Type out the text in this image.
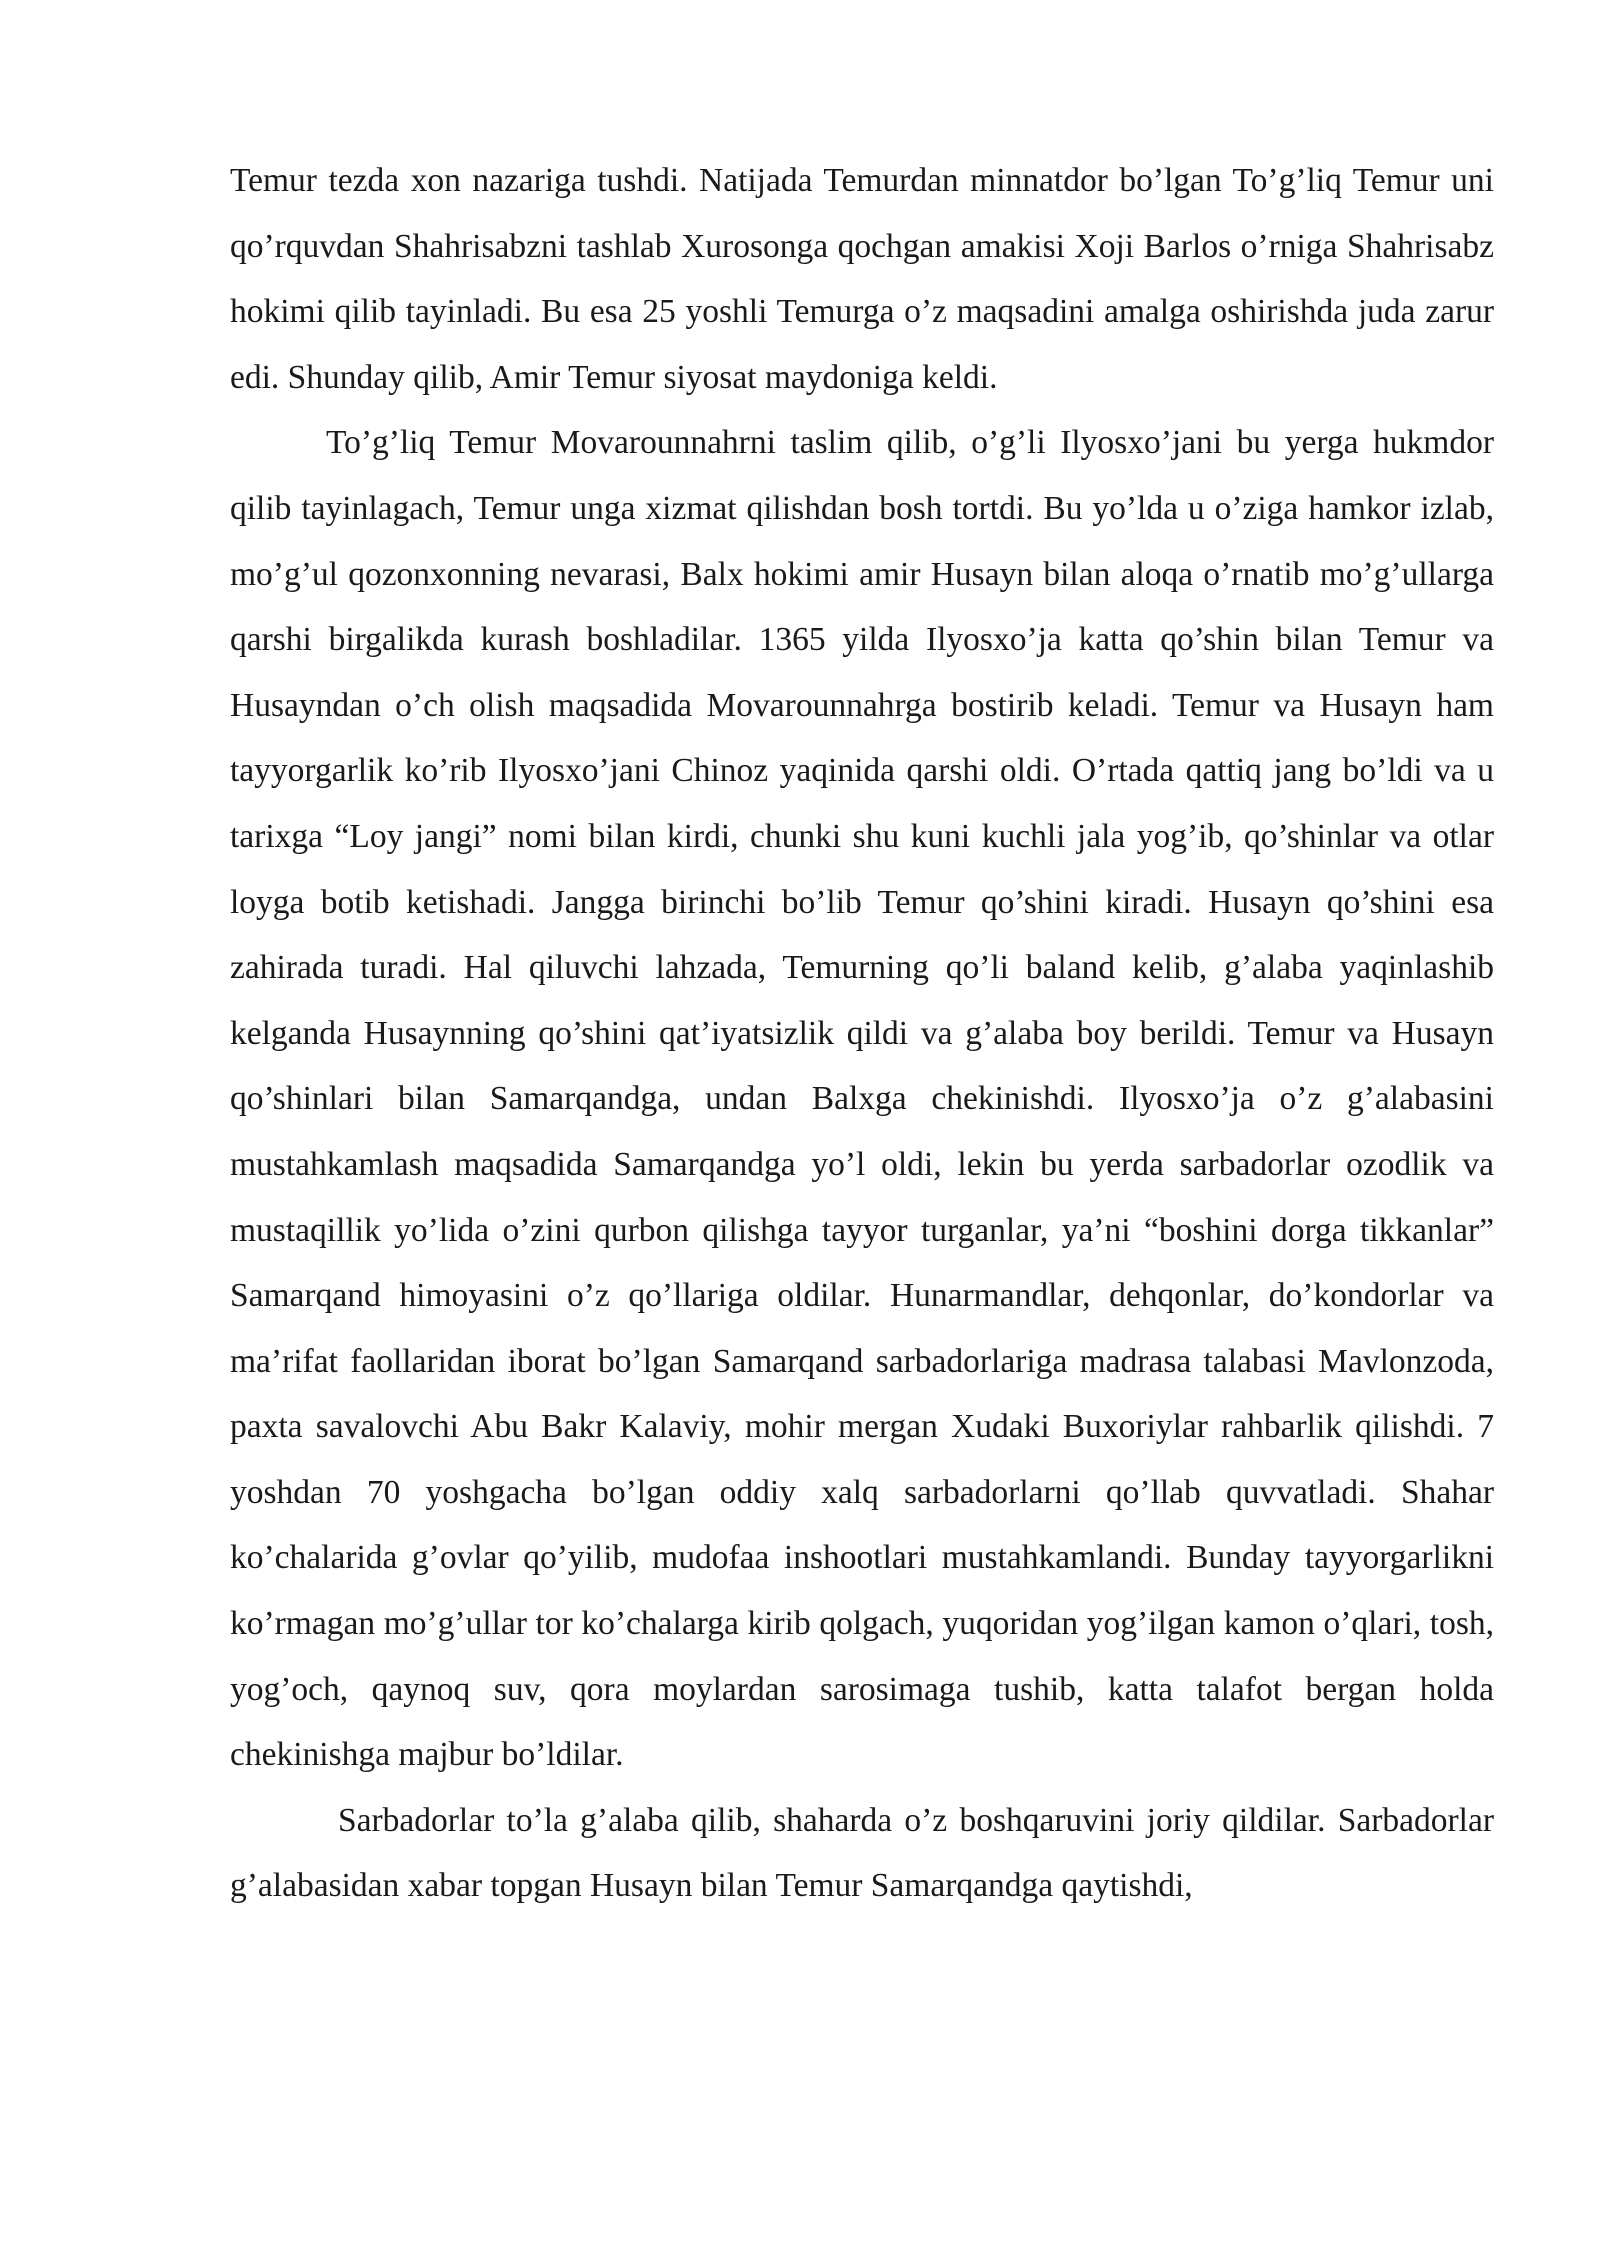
Temur tezda xon nazariga tushdi. Natijada Temurdan minnatdor bo’lgan To’g’liq Temur uni qo’rquvdan Shahrisabzni tashlab Xurosonga qochgan amakisi Xoji Barlos o’rniga Shahrisabz hokimi qilib tayinladi. Bu esa 25 yoshli Temurga o’z maqsadini amalga oshirishda juda zarur edi. Shunday qilib, Amir Temur siyosat maydoniga keldi.

To’g’liq Temur Movarounnahrni taslim qilib, o’g’li Ilyosxo’jani bu yerga hukmdor qilib tayinlagach, Temur unga xizmat qilishdan bosh tortdi. Bu yo’lda u o’ziga hamkor izlab, mo’g’ul qozonxonning nevarasi, Balx hokimi amir Husayn bilan aloqa o’rnatib mo’g’ullarga qarshi birgalikda kurash boshladilar. 1365 yilda Ilyosxo’ja katta qo’shin bilan Temur va Husayndan o’ch olish maqsadida Movarounnahrga bostirib keladi. Temur va Husayn ham tayyorgarlik ko’rib Ilyosxo’jani Chinoz yaqinida qarshi oldi. O’rtada qattiq jang bo’ldi va u tarixga “Loy jangi” nomi bilan kirdi, chunki shu kuni kuchli jala yog’ib, qo’shinlar va otlar loyga botib ketishadi. Jangga birinchi bo’lib Temur qo’shini kiradi. Husayn qo’shini esa zahirada turadi. Hal qiluvchi lahzada, Temurning qo’li baland kelib, g’alaba yaqinlashib kelganda Husaynning qo’shini qat’iyatsizlik qildi va g’alaba boy berildi. Temur va Husayn qo’shinlari bilan Samarqandga, undan Balxga chekinishdi. Ilyosxo’ja o’z g’alabasini mustahkamlash maqsadida Samarqandga yo’l oldi, lekin bu yerda sarbadorlar ozodlik va mustaqillik yo’lida o’zini qurbon qilishga tayyor turganlar, ya’ni “boshini dorga tikkanlar” Samarqand himoyasini o’z qo’llariga oldilar. Hunarmandlar, dehqonlar, do’kondorlar va ma’rifat faollaridan iborat bo’lgan Samarqand sarbadorlariga madrasa talabasi Mavlonzoda, paxta savalovchi Abu Bakr Kalaviy, mohir mergan Xudaki Buxoriylar rahbarlik qilishdi. 7 yoshdan 70 yoshgacha bo’lgan oddiy xalq sarbadorlarni qo’llab quvvatladi. Shahar ko’chalarida g’ovlar qo’yilib, mudofaa inshootlari mustahkamlandi. Bunday tayyorgarlikni ko’rmagan mo’g’ullar tor ko’chalarga kirib qolgach, yuqoridan yog’ilgan kamon o’qlari, tosh, yog’och, qaynoq suv, qora moylardan sarosimaga tushib, katta talafot bergan holda chekinishga majbur bo’ldilar.

Sarbadorlar to’la g’alaba qilib, shaharda o’z boshqaruvini joriy qildilar. Sarbadorlar g’alabasidan xabar topgan Husayn bilan Temur Samarqandga qaytishdi,
